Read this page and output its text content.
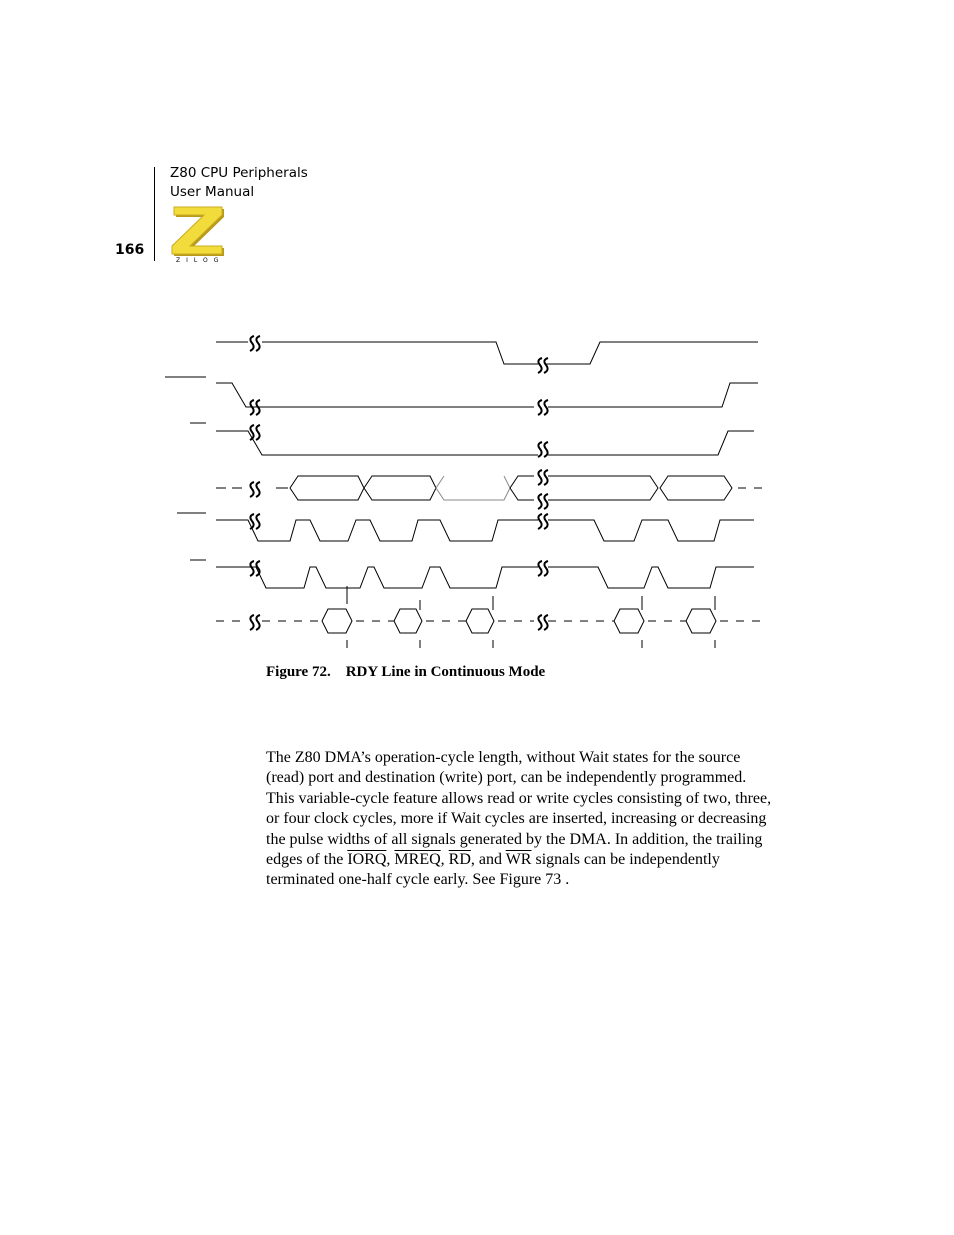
Z80 CPU Peripherals
User Manual
166
ZILOG
Figure 72. RDY Line in Continuous Mode

The Z80 DMA’s operation-cycle length, without Wait states for the source (read) port and destination (write) port, can be independently programmed. This variable-cycle feature allows read or write cycles consisting of two, three, or four clock cycles, more if Wait cycles are inserted, increasing or decreasing the pulse widths of all signals generated by the DMA. In addition, the trailing edges of the IORQ, MREQ, $\overline{RD}$, and $\overline{WR}$ signals can be independently terminated one-half cycle early. See Figure 73 .
